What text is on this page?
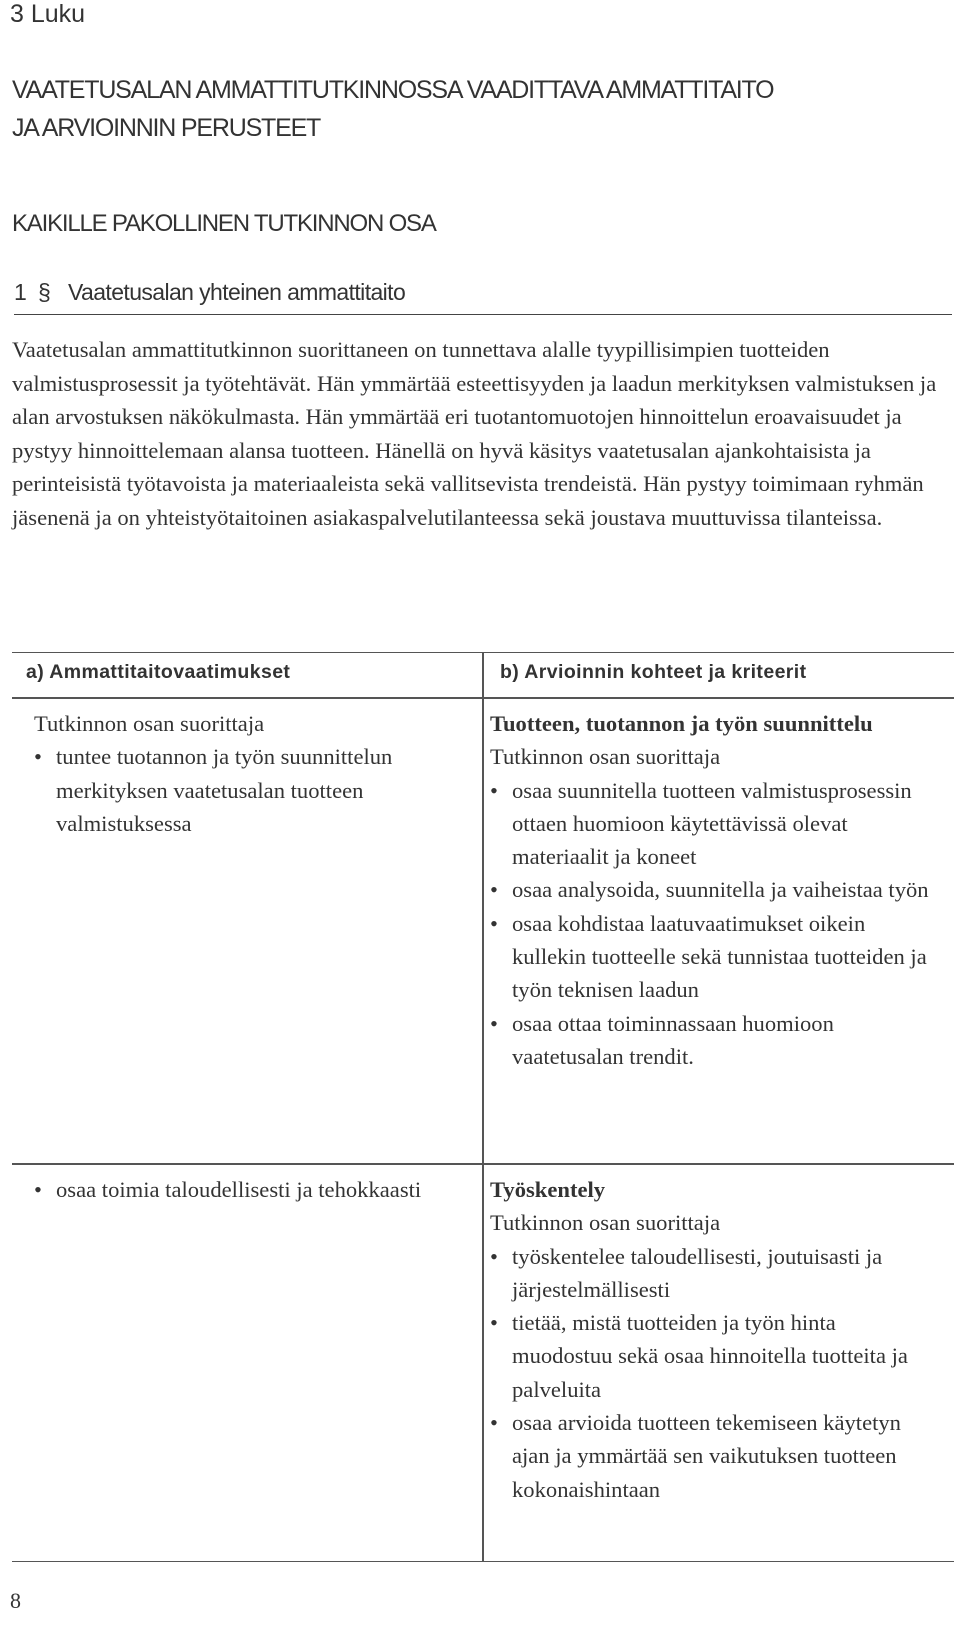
3 Luku
VAATETUSALAN AMMATTITUTKINNOSSA VAADITTAVA AMMATTITAITO
JA ARVIOINNIN PERUSTEET
KAIKILLE PAKOLLINEN TUTKINNON OSA
1 § Vaatetusalan yhteinen ammattitaito

Vaatetusalan ammattitutkinnon suorittaneen on tunnettava alalle tyypillisimpien tuotteiden valmistusprosessit ja työtehtävät. Hän ymmärtää esteettisyyden ja laadun merkityksen valmistuksen ja alan arvostuksen näkökulmasta. Hän ymmärtää eri tuotantomuotojen hinnoittelun eroavaisuudet ja pystyy hinnoittelemaan alansa tuotteen. Hänellä on hyvä käsitys vaatetusalan ajankohtaisista ja perinteisistä työtavoista ja materiaaleista sekä vallitsevista trendeistä. Hän pystyy toimimaan ryhmän jäsenenä ja on yhteistyötaitoinen asiakaspalvelutilanteessa sekä joustava muuttuvissa tilanteissa.

a) Ammattitaitovaatimukset	b) Arvioinnin kohteet ja kriteerit
Tutkinnon osan suorittaja
• tuntee tuotannon ja työn suunnittelun merkityksen vaatetusalan tuotteen valmistuksessa
Tuotteen, tuotannon ja työn suunnittelu
Tutkinnon osan suorittaja
• osaa suunnitella tuotteen valmistusprosessin ottaen huomioon käytettävissä olevat materiaalit ja koneet
• osaa analysoida, suunnitella ja vaiheistaa työn
• osaa kohdistaa laatuvaatimukset oikein kullekin tuotteelle sekä tunnistaa tuotteiden ja työn teknisen laadun
• osaa ottaa toiminnassaan huomioon vaatetusalan trendit.
• osaa toimia taloudellisesti ja tehokkaasti	Työskentely
Tutkinnon osan suorittaja
• työskentelee taloudellisesti, joutuisasti ja järjestelmällisesti
• tietää, mistä tuotteiden ja työn hinta muodostuu sekä osaa hinnoitella tuotteita ja palveluita
• osaa arvioida tuotteen tekemiseen käytetyn ajan ja ymmärtää sen vaikutuksen tuotteen kokonaishintaan
8
